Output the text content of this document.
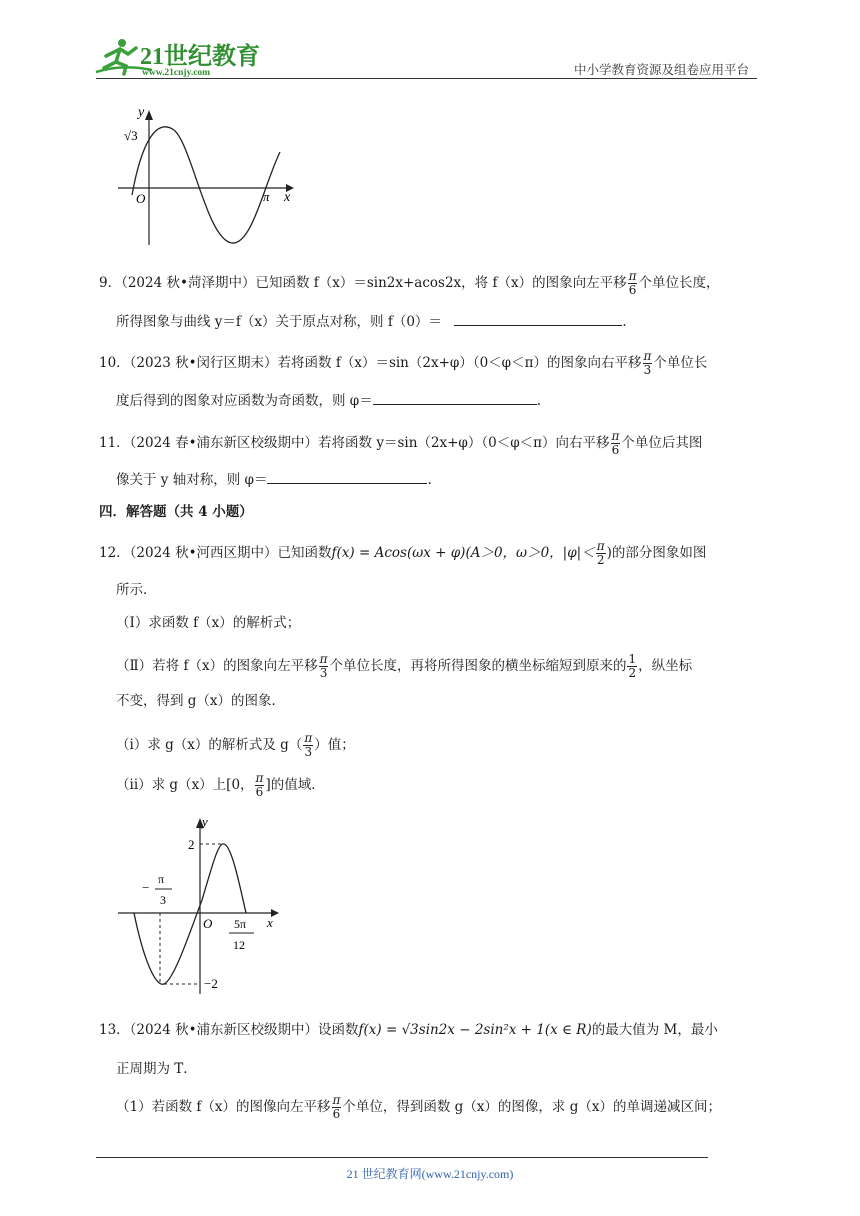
21世纪教育
www.21cnjy.com	中小学教育资源及组卷应用平台
y
x
O
√3
π
9．（2024 秋•菏泽期中）已知函数 f（x）＝sin2x+acos2x，将 f（x）的图象向左平移 $\frac{\pi}{6}$ 个单位长度，
所得图象与曲线 y＝f（x）关于原点对称，则 f（0）＝	.
10．（2023 秋•闵行区期末）若将函数 f（x）＝sin（2x+φ）（0＜φ＜π）的图象向右平移 $\frac{\pi}{3}$ 个单位长
度后得到的图象对应函数为奇函数，则 φ＝	.
11．（2024 春•浦东新区校级期中）若将函数 y＝sin（2x+φ）（0＜φ＜π）向右平移 $\frac{\pi}{6}$ 个单位后其图
像关于 y 轴对称，则 φ＝	.
四．解答题（共 4 小题）
12．（2024 秋•河西区期中）已知函数f(x) = Acos(ωx + φ)(A＞0，ω＞0，$|\varphi|< \frac{\pi}{2}$ )的部分图象如图
所示．
（Ⅰ）求函数 f（x）的解析式；
（Ⅱ）若将 f（x）的图象向左平移 $\frac{\pi}{3}$ 个单位长度，再将所得图象的横坐标缩短到原来的 $\frac{1}{2}$ ，纵坐标
不变，得到 g（x）的图象．
（i）求 g（x）的解析式及 $g( \frac{\pi}{3}$ ）值；
（ii）求 g（x）上[0， $\frac{\pi}{6}$ ]的值域．
y
x
O
2
−2
−
π
3
5π
12
13．（2024 秋•浦东新区校级期中）设函数f(x) = √3sin2x − 2sin²x + 1(x ∈ R)的最大值为 M，最小
正周期为 T．
（1）若函数 f（x）的图像向左平移 $\frac{\pi}{6}$ 个单位，得到函数 g（x）的图像，求 g（x）的单调递减区间；
21 世纪教育网(www.21cnjy.com)
